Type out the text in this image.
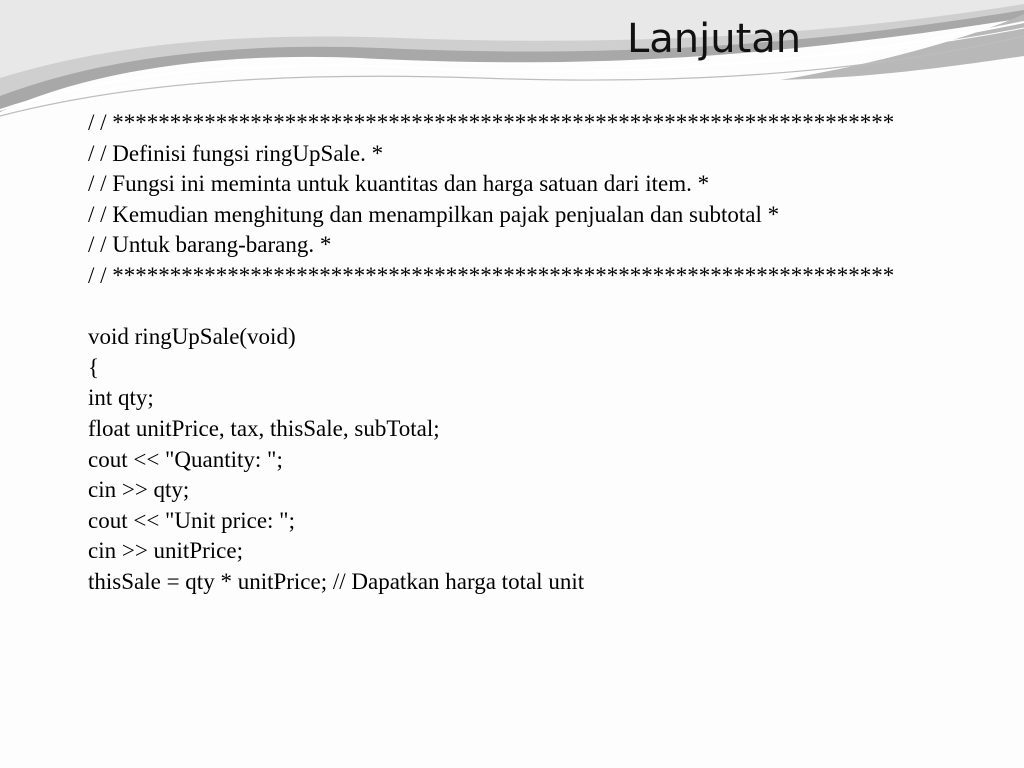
Lanjutan
/ / ********************************************************************
/ / Definisi fungsi ringUpSale. *
/ / Fungsi ini meminta untuk kuantitas dan harga satuan dari item. *
/ / Kemudian menghitung dan menampilkan pajak penjualan dan subtotal *
/ / Untuk barang-barang. *
/ / ********************************************************************
void ringUpSale(void)
{
int qty;
float unitPrice, tax, thisSale, subTotal;
cout << "Quantity: ";
cin >> qty;
cout << "Unit price: ";
cin >> unitPrice;
thisSale = qty * unitPrice; // Dapatkan harga total unit
